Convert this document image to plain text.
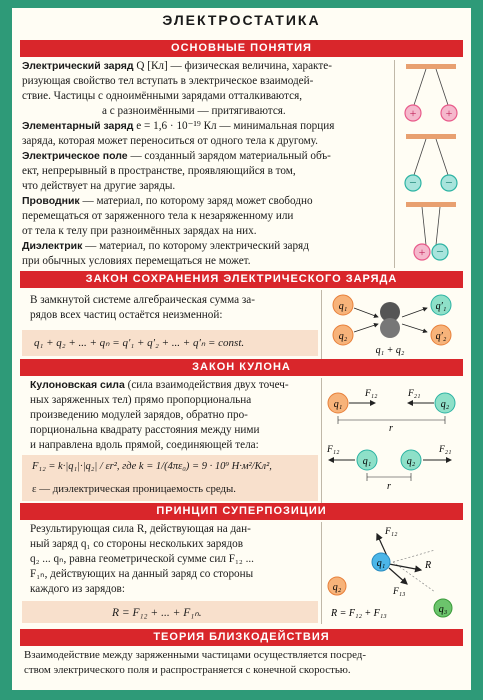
ЭЛЕКТРОСТАТИКА
ОСНОВНЫЕ ПОНЯТИЯ
Электрический заряд Q [Кл] — физическая величина, характе-
ризующая свойство тел вступать в электрическое взаимодей-
ствие. Частицы с одноимёнными зарядами отталкиваются,
а с разноимёнными — притягиваются.
Элементарный заряд e = 1,6 · 10⁻¹⁹ Кл — минимальная порция
заряда, которая может переноситься от одного тела к другому.
Электрическое поле — созданный зарядом материальный объ-
ект, непрерывный в пространстве, проявляющийся в том,
что действует на другие заряды.
Проводник — материал, по которому заряд может свободно
перемещаться от заряженного тела к незаряженному или
от тела к телу при разноимённых зарядах на них.
Диэлектрик — материал, по которому электрический заряд
при обычных условиях перемещаться не может.
+ +
− −
+ −
ЗАКОН СОХРАНЕНИЯ ЭЛЕКТРИЧЕСКОГО ЗАРЯДА
В замкнутой системе алгебраическая сумма за-
рядов всех частиц остаётся неизменной:
q₁ + q₂ + ... + qₙ = q′₁ + q′₂ + ... + q′ₙ = const.
q₁
q₂
q₁ + q₂
q′₁
q′₂
ЗАКОН КУЛОНА
Кулоновская сила (сила взаимодействия двух точеч-
ных заряженных тел) прямо пропорциональна
произведению модулей зарядов, обратно про-
порциональна квадрату расстояния между ними
и направлена вдоль прямой, соединяющей тела:
F₁₂ = k·|q₁|·|q₂| / εr², где k = 1/(4πε₀) = 9 · 10⁹ Н·м²/Кл²,
ε — диэлектрическая проницаемость среды.
q₁	q₂
F₁₂	F₂₁
r
q₁	q₂
F₁₂	F₂₁
r
ПРИНЦИП СУПЕРПОЗИЦИИ
Результирующая сила R, действующая на дан-
ный заряд q₁ со стороны нескольких зарядов
q₂ ... qₙ, равна геометрической сумме сил F₁₂ ...
F₁ₙ, действующих на данный заряд со стороны
каждого из зарядов:
R = F₁₂ + ... + F₁ₙ.
q₁
q₂
q₃
F₁₂
F₁₃
R
R = F₁₂ + F₁₃
ТЕОРИЯ БЛИЗКОДЕЙСТВИЯ
Взаимодействие между заряженными частицами осуществляется посред-
ством электрического поля и распространяется с конечной скоростью.
